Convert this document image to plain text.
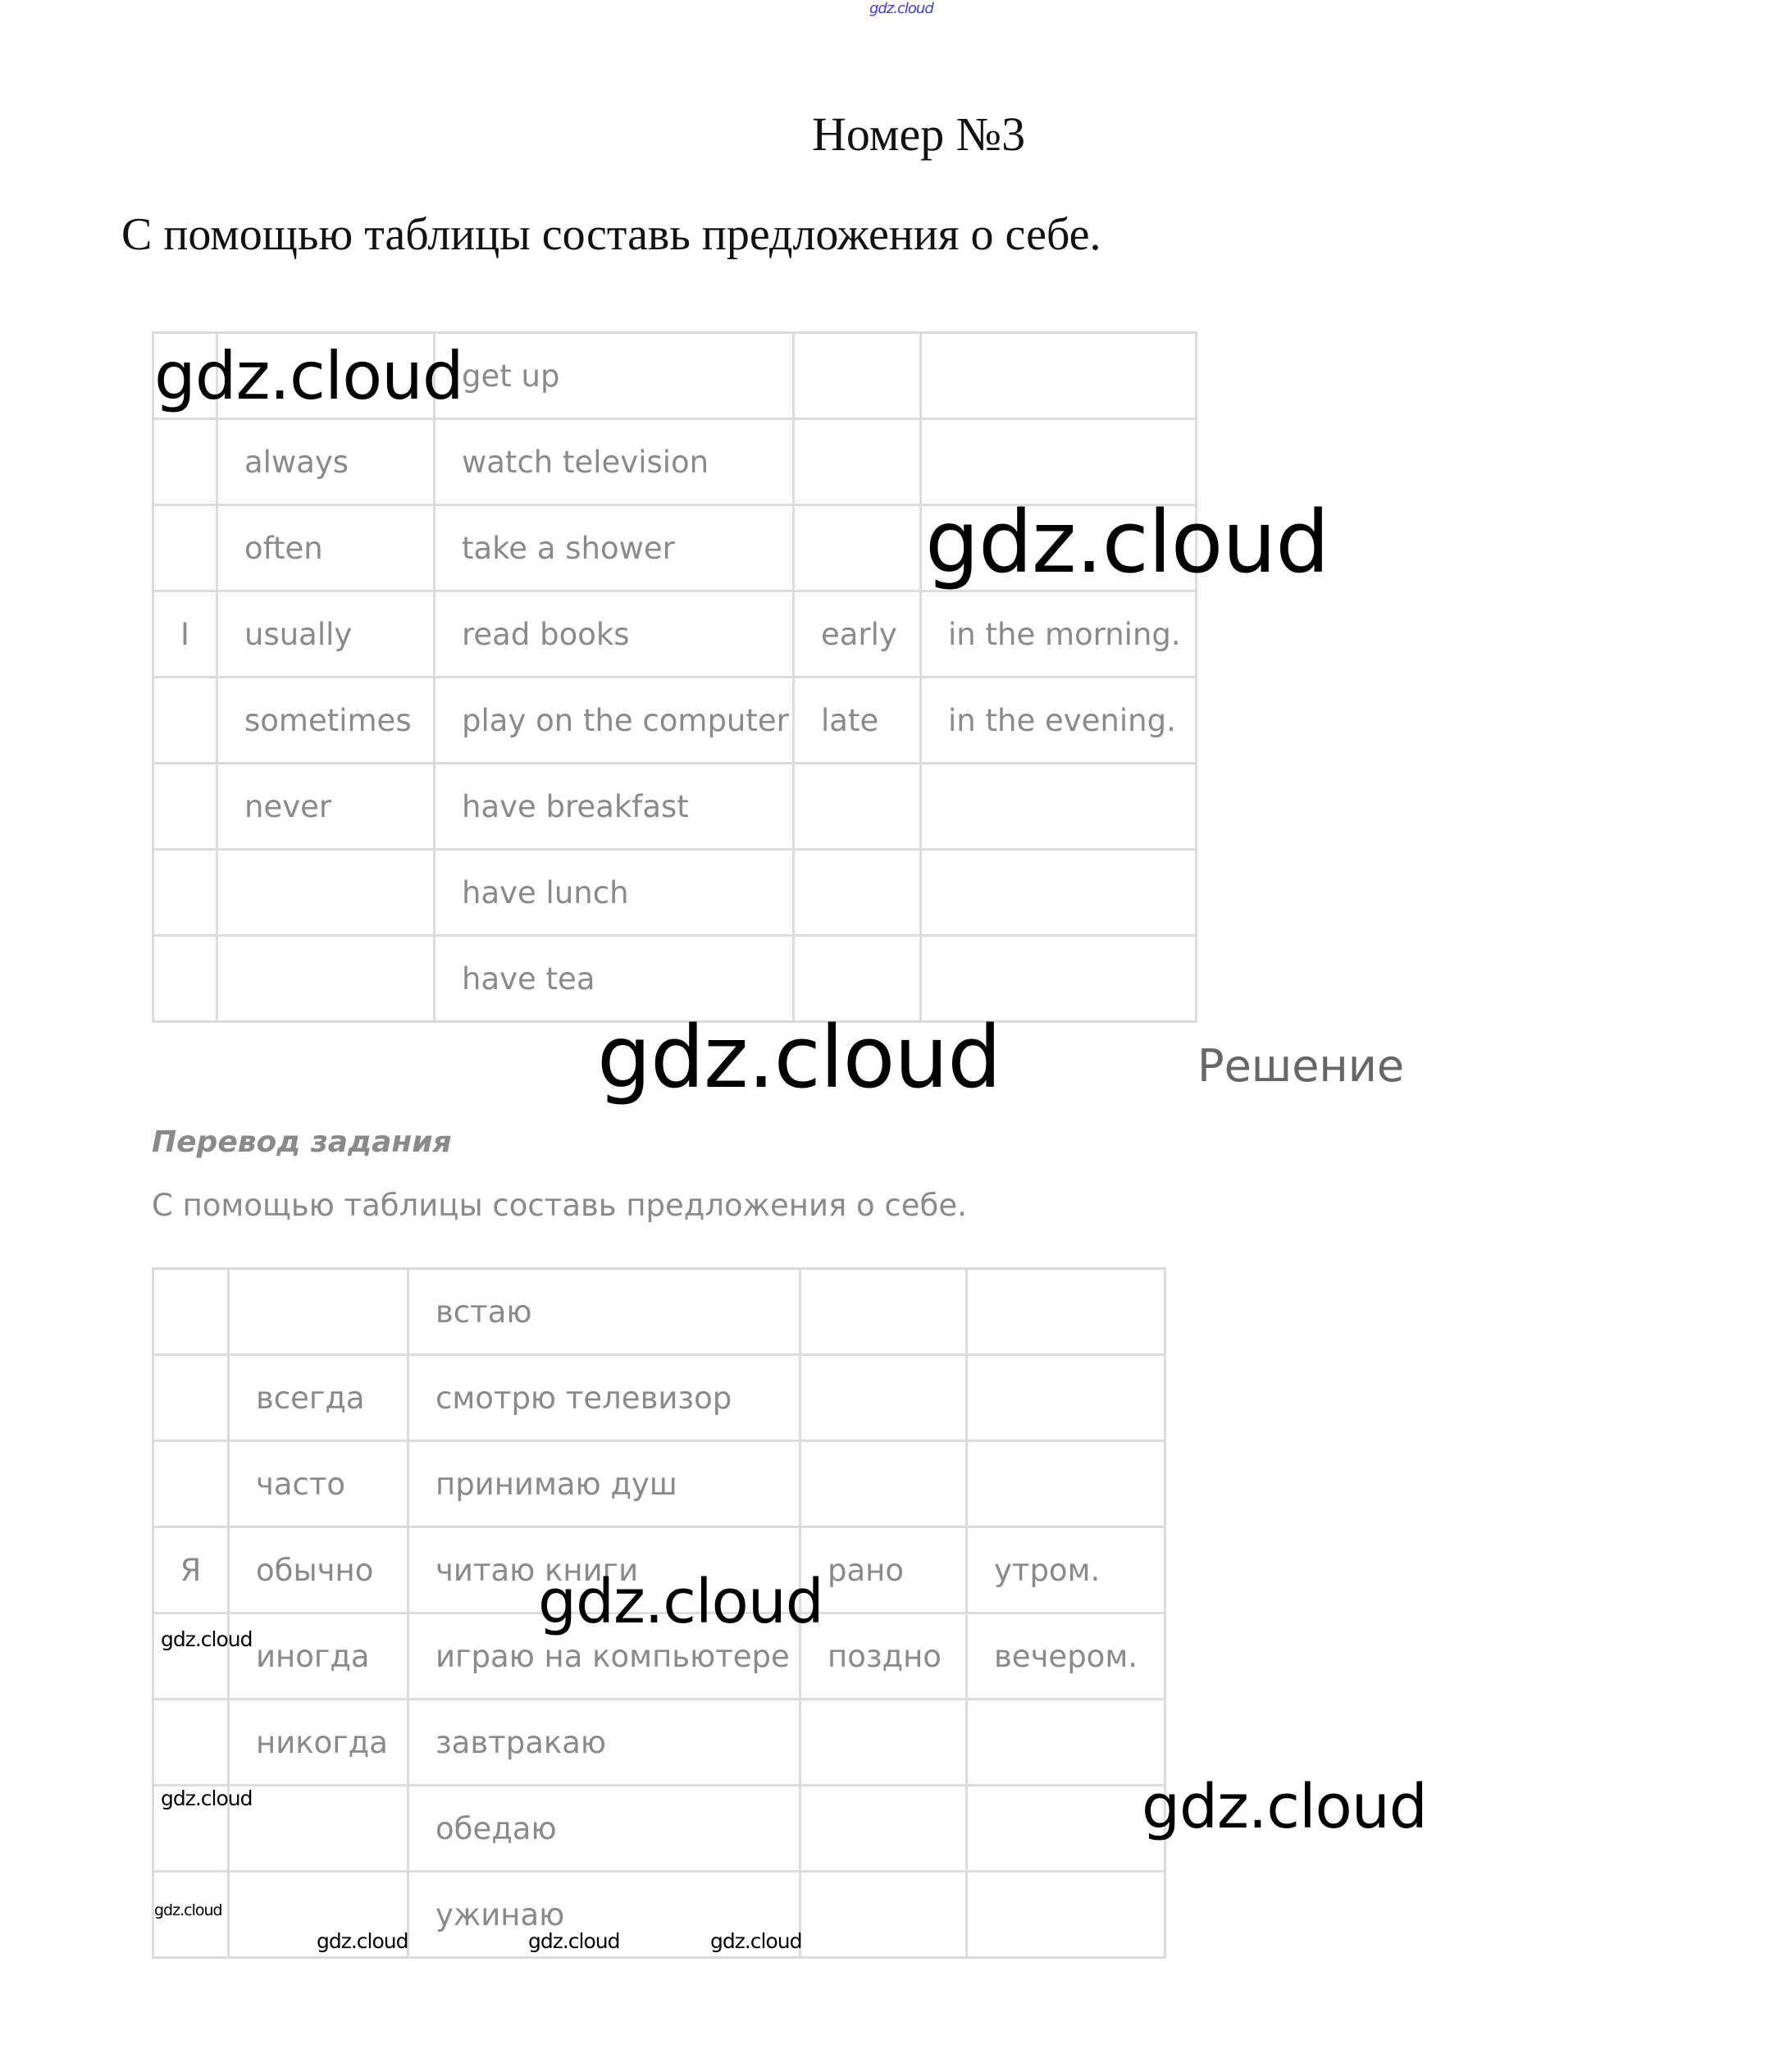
gdz.cloud
Номер №3
С помощью таблицы составь предложения о себе.
		get up		
	always	watch television		
	often	take a shower		
I	usually	read books	early	in the morning.
	sometimes	play on the computer	late	in the evening.
	never	have breakfast		
		have lunch		
		have tea		
Решение
Перевод задания
С помощью таблицы составь предложения о себе.
		встаю		
	всегда	смотрю телевизор		
	часто	принимаю душ		
Я	обычно	читаю книги	рано	утром.
	иногда	играю на компьютере	поздно	вечером.
	никогда	завтракаю		
		обедаю		
		ужинаю		
gdz.cloud
gdz.cloud
gdz.cloud
gdz.cloud
gdz.cloud
gdz.cloud
gdz.cloud
gdz.cloud
gdz.cloud	gdz.cloud	gdz.cloud
